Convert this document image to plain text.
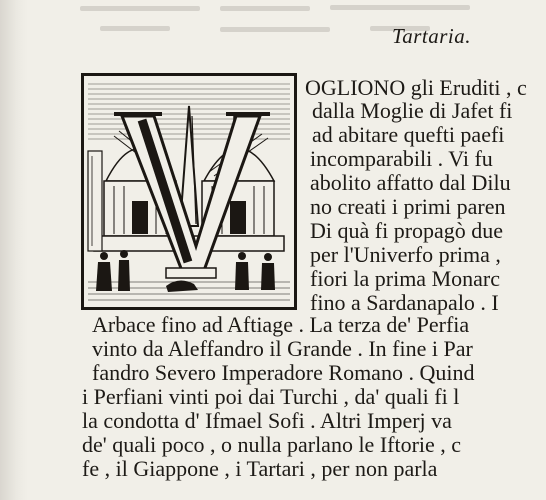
Tartaria.
OGLIONO gli Eruditi , c
dalla Moglie di Jafet fi
ad abitare quefti paefi
incomparabili . Vi fu
abolito affatto dal Dilu
no creati i primi paren
Di quà fi propagò due
per l'Univerfo prima ,
fiori la prima Monarc
fino a Sardanapalo . I
Arbace fino ad Aftiage . La terza de' Perfia
vinto da Aleffandro il Grande . In fine i Par
fandro Severo Imperadore Romano . Quind
i Perfiani vinti poi dai Turchi , da' quali fi l
la condotta d' Ifmael Sofi . Altri Imperj va
de' quali poco , o nulla parlano le Iftorie , c
fe , il Giappone , i Tartari , per non parla
